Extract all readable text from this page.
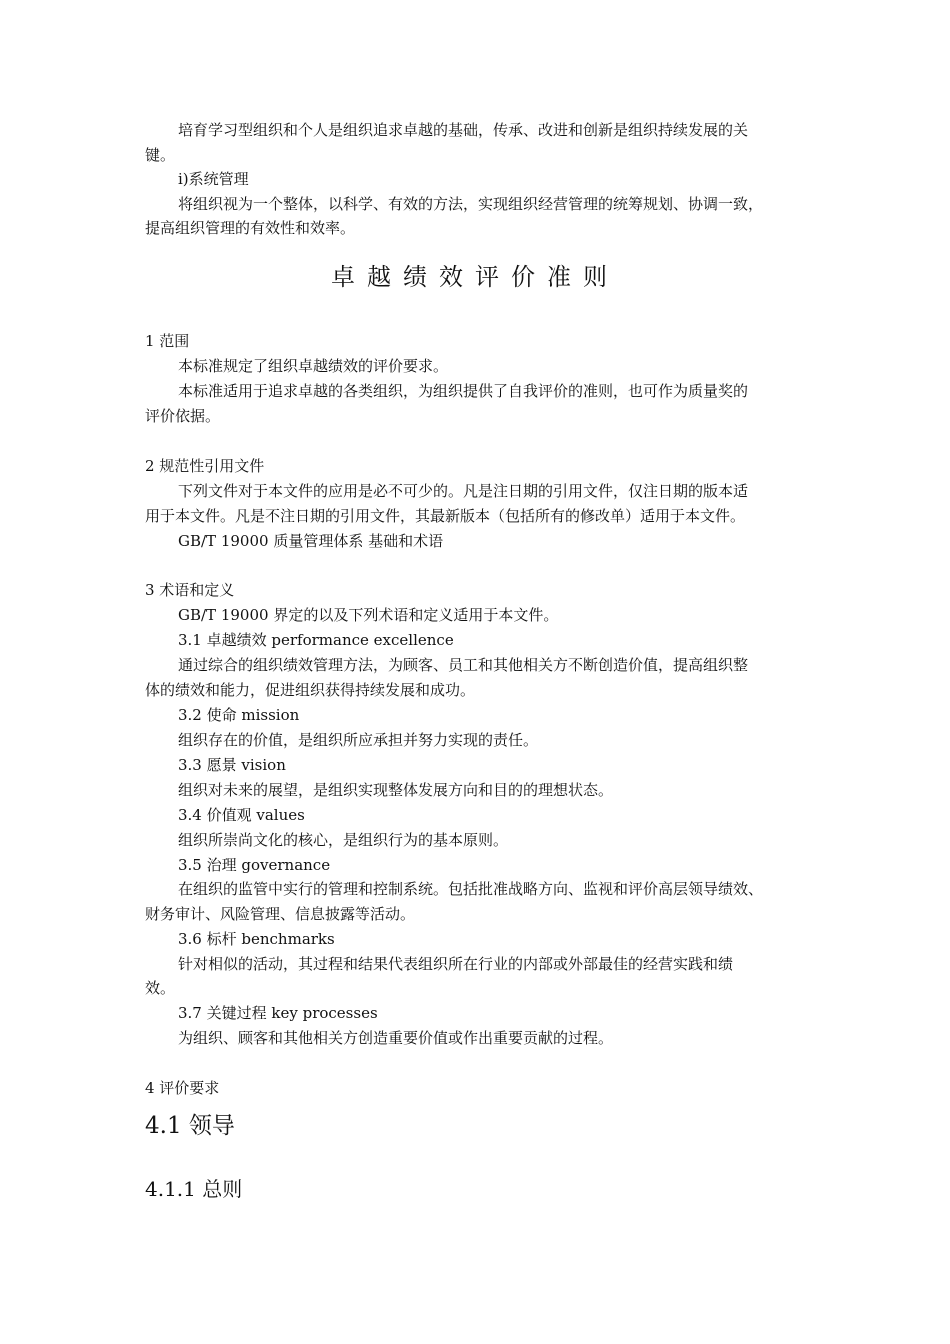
培育学习型组织和个人是组织追求卓越的基础，传承、改进和创新是组织持续发展的关
键。
i)系统管理
将组织视为一个整体，以科学、有效的方法，实现组织经营管理的统筹规划、协调一致，
提高组织管理的有效性和效率。
卓越绩效评价准则
1 范围
本标准规定了组织卓越绩效的评价要求。
本标准适用于追求卓越的各类组织，为组织提供了自我评价的准则，也可作为质量奖的
评价依据。
2 规范性引用文件
下列文件对于本文件的应用是必不可少的。凡是注日期的引用文件，仅注日期的版本适
用于本文件。凡是不注日期的引用文件，其最新版本（包括所有的修改单）适用于本文件。
GB/T 19000 质量管理体系 基础和术语
3 术语和定义
GB/T 19000 界定的以及下列术语和定义适用于本文件。
3.1 卓越绩效 performance excellence
通过综合的组织绩效管理方法，为顾客、员工和其他相关方不断创造价值，提高组织整
体的绩效和能力，促进组织获得持续发展和成功。
3.2 使命 mission
组织存在的价值，是组织所应承担并努力实现的责任。
3.3 愿景 vision
组织对未来的展望，是组织实现整体发展方向和目的的理想状态。
3.4 价值观 values
组织所崇尚文化的核心，是组织行为的基本原则。
3.5 治理 governance
在组织的监管中实行的管理和控制系统。包括批准战略方向、监视和评价高层领导绩效、
财务审计、风险管理、信息披露等活动。
3.6 标杆 benchmarks
针对相似的活动，其过程和结果代表组织所在行业的内部或外部最佳的经营实践和绩
效。
3.7 关键过程 key processes
为组织、顾客和其他相关方创造重要价值或作出重要贡献的过程。
4 评价要求
4.1 领导
4.1.1 总则
